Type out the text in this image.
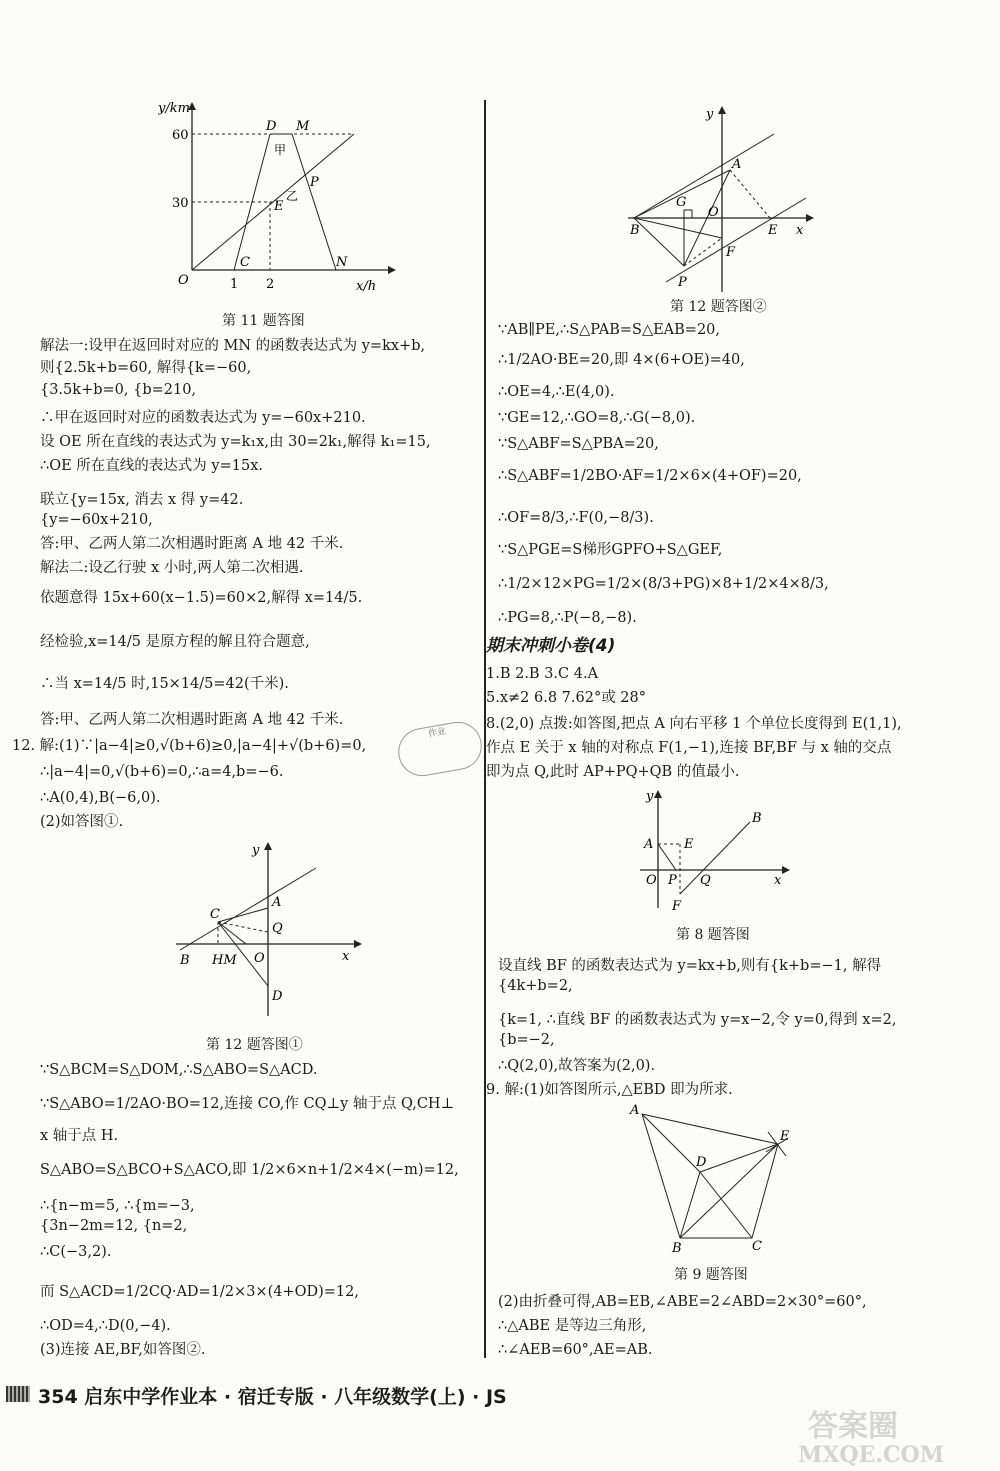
y/km
x/h
60
30
1 2
O
D M
甲
P
乙
E
C	N
第 11 题答图
解法一:设甲在返回时对应的 MN 的函数表达式为 y=kx+b,
则{2.5k+b=60, 解得{k=−60,
{3.5k+b=0, {b=210,
∴甲在返回时对应的函数表达式为 y=−60x+210.
设 OE 所在直线的表达式为 y=k₁x,由 30=2k₁,解得 k₁=15,
∴OE 所在直线的表达式为 y=15x.
联立{y=15x, 消去 x 得 y=42.
{y=−60x+210,
答:甲、乙两人第二次相遇时距离 A 地 42 千米.
解法二:设乙行驶 x 小时,两人第二次相遇.
依题意得 15x+60(x−1.5)=60×2,解得 x=14/5.
经检验,x=14/5 是原方程的解且符合题意,
∴当 x=14/5 时,15×14/5=42(千米).
答:甲、乙两人第二次相遇时距离 A 地 42 千米.
12. 解:(1)∵|a−4|≥0,√(b+6)≥0,|a−4|+√(b+6)=0,
∴|a−4|=0,√(b+6)=0,∴a=4,b=−6.
∴A(0,4),B(−6,0).
(2)如答图①.
y
x
A
C
Q
B HM O
D
第 12 题答图①
∵S△BCM=S△DOM,∴S△ABO=S△ACD.
∵S△ABO=1/2AO·BO=12,连接 CO,作 CQ⊥y 轴于点 Q,CH⊥
x 轴于点 H.
S△ABO=S△BCO+S△ACO,即 1/2×6×n+1/2×4×(−m)=12,
∴{n−m=5, ∴{m=−3,
{3n−2m=12, {n=2,
∴C(−3,2).
而 S△ACD=1/2CQ·AD=1/2×3×(4+OD)=12,
∴OD=4,∴D(0,−4).
(3)连接 AE,BF,如答图②.
y
x
A
G
O
B	E
F
P
第 12 题答图②
∵AB∥PE,∴S△PAB=S△EAB=20,
∴1/2AO·BE=20,即 4×(6+OE)=40,
∴OE=4,∴E(4,0).
∵GE=12,∴GO=8,∴G(−8,0).
∵S△ABF=S△PBA=20,
∴S△ABF=1/2BO·AF=1/2×6×(4+OF)=20,
∴OF=8/3,∴F(0,−8/3).
∵S△PGE=S梯形GPFO+S△GEF,
∴1/2×12×PG=1/2×(8/3+PG)×8+1/2×4×8/3,
∴PG=8,∴P(−8,−8).
期末冲刺小卷(4)
1.B 2.B 3.C 4.A
5.x≠2 6.8 7.62°或 28°
8.(2,0) 点拨:如答图,把点 A 向右平移 1 个单位长度得到 E(1,1),
作点 E 关于 x 轴的对称点 F(1,−1),连接 BF,BF 与 x 轴的交点
即为点 Q,此时 AP+PQ+QB 的值最小.
y
x
A E
B
O P Q
F
第 8 题答图
设直线 BF 的函数表达式为 y=kx+b,则有{k+b=−1, 解得
{4k+b=2,
{k=1, ∴直线 BF 的函数表达式为 y=x−2,令 y=0,得到 x=2,
{b=−2,
∴Q(2,0),故答案为(2,0).
9. 解:(1)如答图所示,△EBD 即为所求.
A
E
D
B	C
第 9 题答图
(2)由折叠可得,AB=EB,∠ABE=2∠ABD=2×30°=60°,
∴△ABE 是等边三角形,
∴∠AEB=60°,AE=AB.
作业
354 启东中学作业本 · 宿迁专版 · 八年级数学(上) · JS
答案圈
MXQE.COM
